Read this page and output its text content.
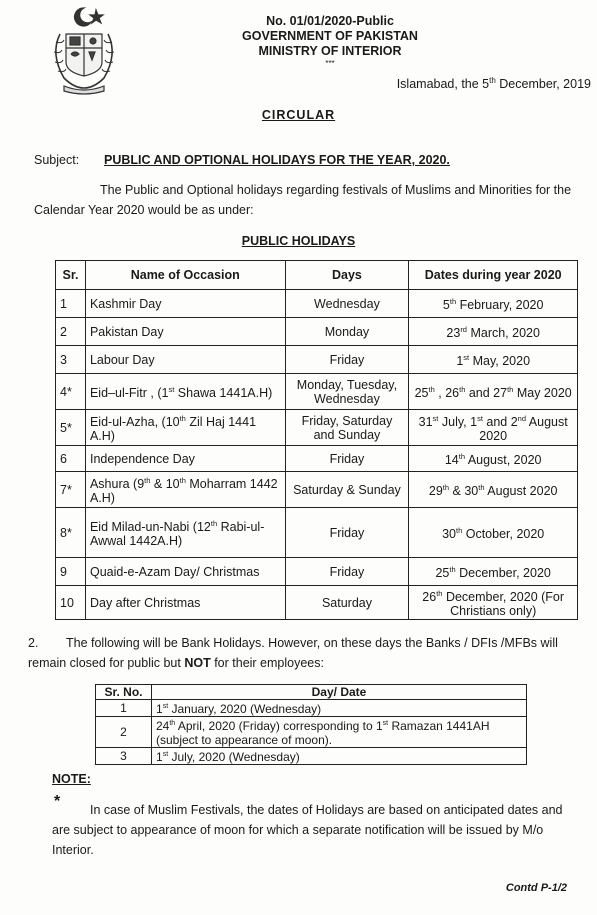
No. 01/01/2020-Public
GOVERNMENT OF PAKISTAN
MINISTRY OF INTERIOR
***
Islamabad, the 5th December, 2019
CIRCULAR
Subject: PUBLIC AND OPTIONAL HOLIDAYS FOR THE YEAR, 2020.
The Public and Optional holidays regarding festivals of Muslims and Minorities for the Calendar Year 2020 would be as under:
PUBLIC HOLIDAYS
Sr.	Name of Occasion	Days	Dates during year 2020
1	Kashmir Day	Wednesday	5th February, 2020
2	Pakistan Day	Monday	23rd March, 2020
3	Labour Day	Friday	1st May, 2020
4*	Eid–ul-Fitr , (1st Shawa 1441A.H)	Monday, Tuesday, Wednesday	25th , 26th and 27th May 2020
5*	Eid-ul-Azha, (10th Zil Haj 1441 A.H)	Friday, Saturday and Sunday	31st July, 1st and 2nd August 2020
6	Independence Day	Friday	14th August, 2020
7*	Ashura (9th & 10th Moharram 1442 A.H)	Saturday & Sunday	29th & 30th August 2020
8*	Eid Milad-un-Nabi (12th Rabi-ul-Awwal 1442A.H)	Friday	30th October, 2020
9	Quaid-e-Azam Day/ Christmas	Friday	25th December, 2020
10	Day after Christmas	Saturday	26th December, 2020 (For Christians only)
2. The following will be Bank Holidays. However, on these days the Banks / DFIs /MFBs will remain closed for public but NOT for their employees:
Sr. No.	Day/ Date
1	1st January, 2020 (Wednesday)
2	24th April, 2020 (Friday) corresponding to 1st Ramazan 1441AH (subject to appearance of moon).
3	1st July, 2020 (Wednesday)
NOTE:
*	In case of Muslim Festivals, the dates of Holidays are based on anticipated dates and are subject to appearance of moon for which a separate notification will be issued by M/o Interior.
Contd P-1/2
